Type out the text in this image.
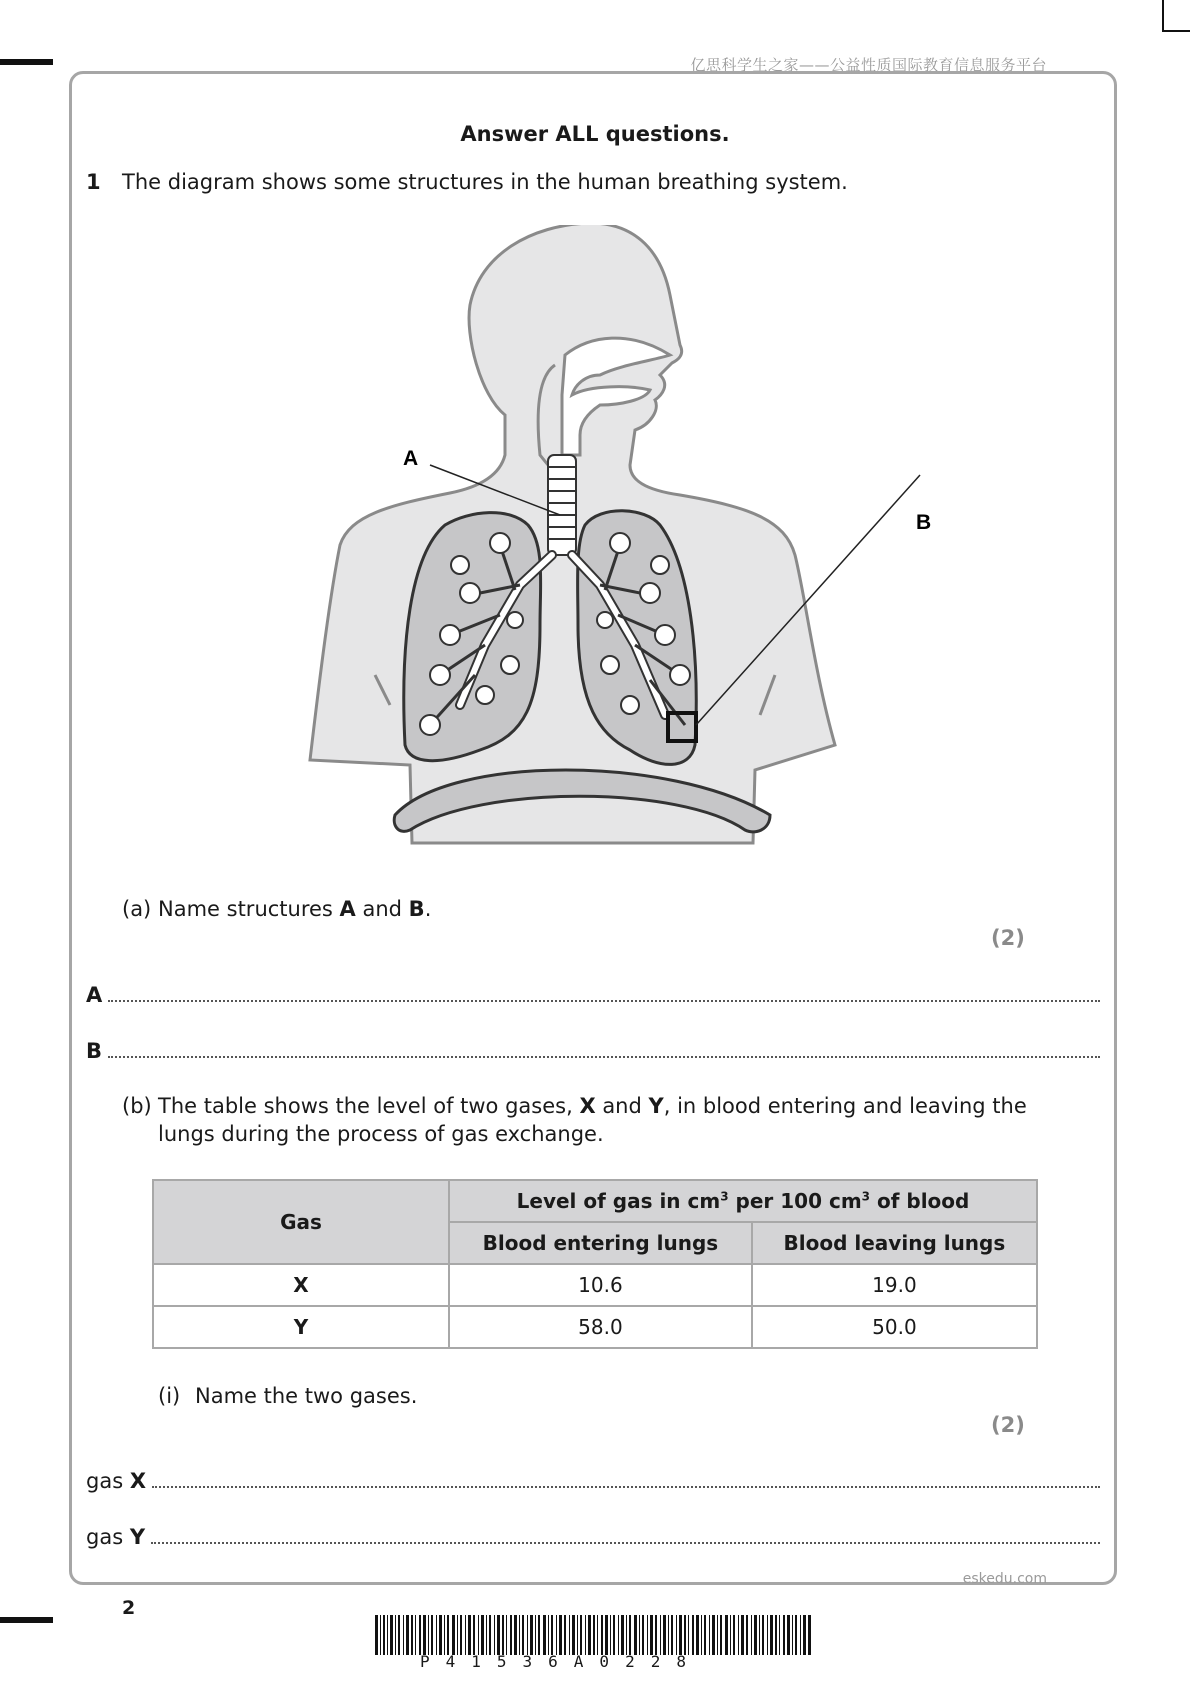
亿思科学生之家——公益性质国际教育信息服务平台
Answer ALL questions.
1 The diagram shows some structures in the human breathing system.
A
B
(a) Name structures A and B.
(2)
A
B
(b) The table shows the level of two gases, X and Y, in blood entering and leaving the
lungs during the process of gas exchange.
Gas	Level of gas in $cm^3$ per 100 $cm^3$ of blood	
	Blood entering lungs	Blood leaving lungs
X	10.6	19.0
Y	58.0	50.0
(i) Name the two gases.
(2)
gas X
gas Y
eskedu.com
2
P41536A0228
